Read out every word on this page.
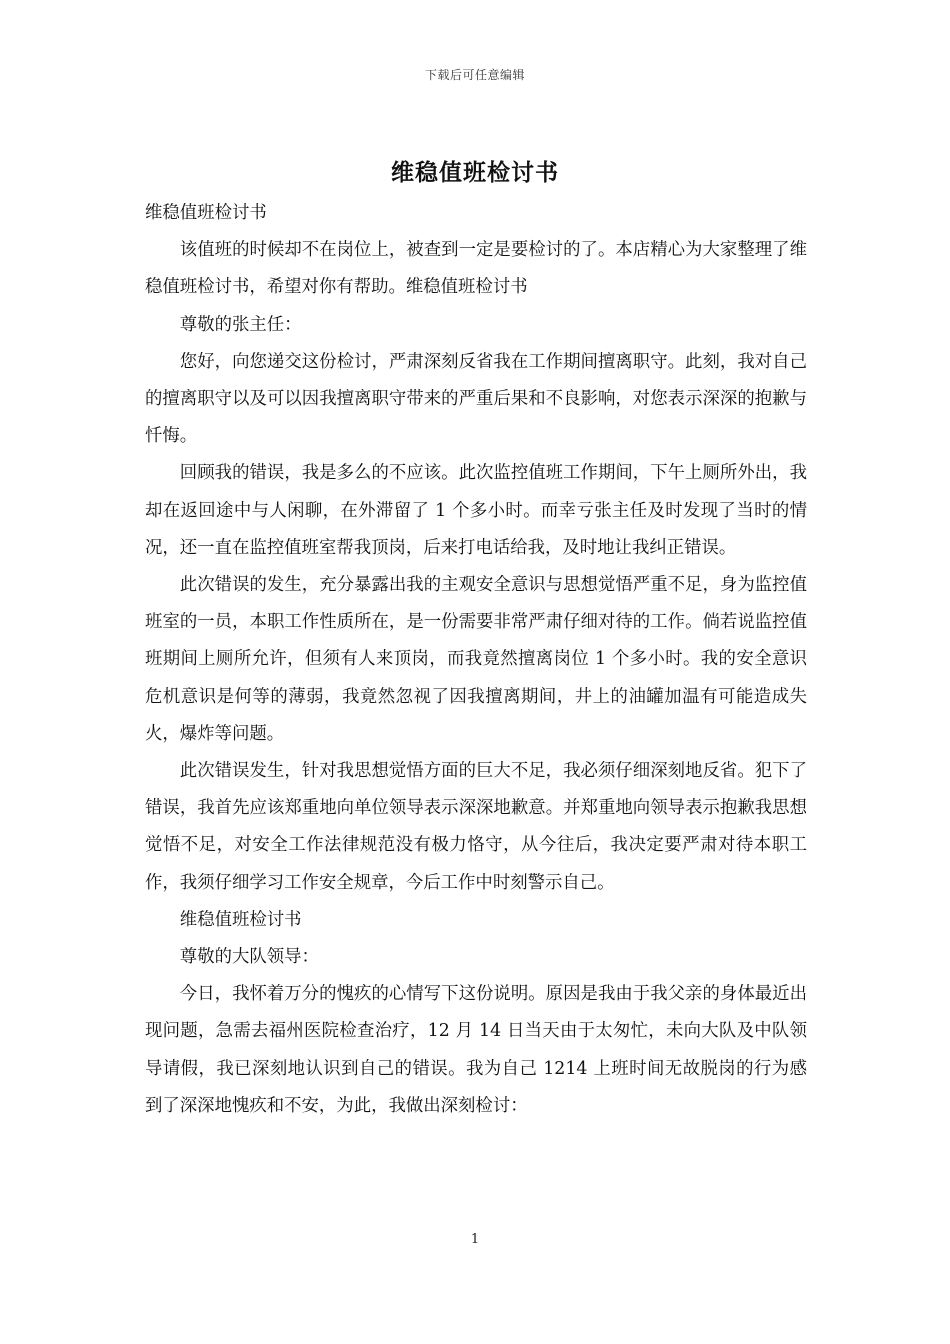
下载后可任意编辑
维稳值班检讨书

维稳值班检讨书

该值班的时候却不在岗位上，被查到一定是要检讨的了。本店精心为大家整理了维稳值班检讨书，希望对你有帮助。维稳值班检讨书

尊敬的张主任：

您好，向您递交这份检讨，严肃深刻反省我在工作期间擅离职守。此刻，我对自己的擅离职守以及可以因我擅离职守带来的严重后果和不良影响，对您表示深深的抱歉与忏悔。

回顾我的错误，我是多么的不应该。此次监控值班工作期间，下午上厕所外出，我却在返回途中与人闲聊，在外滞留了 1 个多小时。而幸亏张主任及时发现了当时的情况，还一直在监控值班室帮我顶岗，后来打电话给我，及时地让我纠正错误。

此次错误的发生，充分暴露出我的主观安全意识与思想觉悟严重不足，身为监控值班室的一员，本职工作性质所在，是一份需要非常严肃仔细对待的工作。倘若说监控值班期间上厕所允许，但须有人来顶岗，而我竟然擅离岗位 1 个多小时。我的安全意识危机意识是何等的薄弱，我竟然忽视了因我擅离期间，井上的油罐加温有可能造成失火，爆炸等问题。

此次错误发生，针对我思想觉悟方面的巨大不足，我必须仔细深刻地反省。犯下了错误，我首先应该郑重地向单位领导表示深深地歉意。并郑重地向领导表示抱歉我思想觉悟不足，对安全工作法律规范没有极力恪守，从今往后，我决定要严肃对待本职工作，我须仔细学习工作安全规章，今后工作中时刻警示自己。

维稳值班检讨书

尊敬的大队领导：

今日，我怀着万分的愧疚的心情写下这份说明。原因是我由于我父亲的身体最近出现问题，急需去福州医院检查治疗，12 月 14 日当天由于太匆忙，未向大队及中队领导请假，我已深刻地认识到自己的错误。我为自己 1214 上班时间无故脱岗的行为感到了深深地愧疚和不安，为此，我做出深刻检讨：

1
